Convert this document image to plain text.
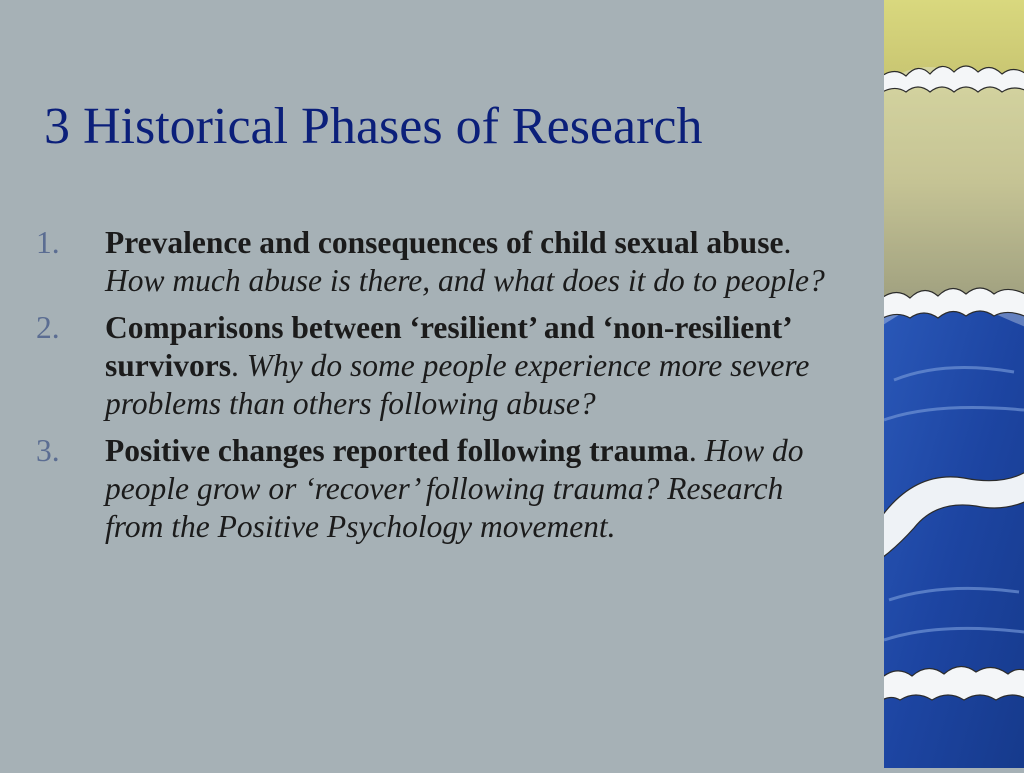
3 Historical Phases of Research
1. Prevalence and consequences of child sexual abuse. How much abuse is there, and what does it do to people?
2. Comparisons between ‘resilient’ and ‘non-resilient’ survivors. Why do some people experience more severe problems than others following abuse?
3. Positive changes reported following trauma. How do people grow or ‘recover’ following trauma? Research from the Positive Psychology movement.
